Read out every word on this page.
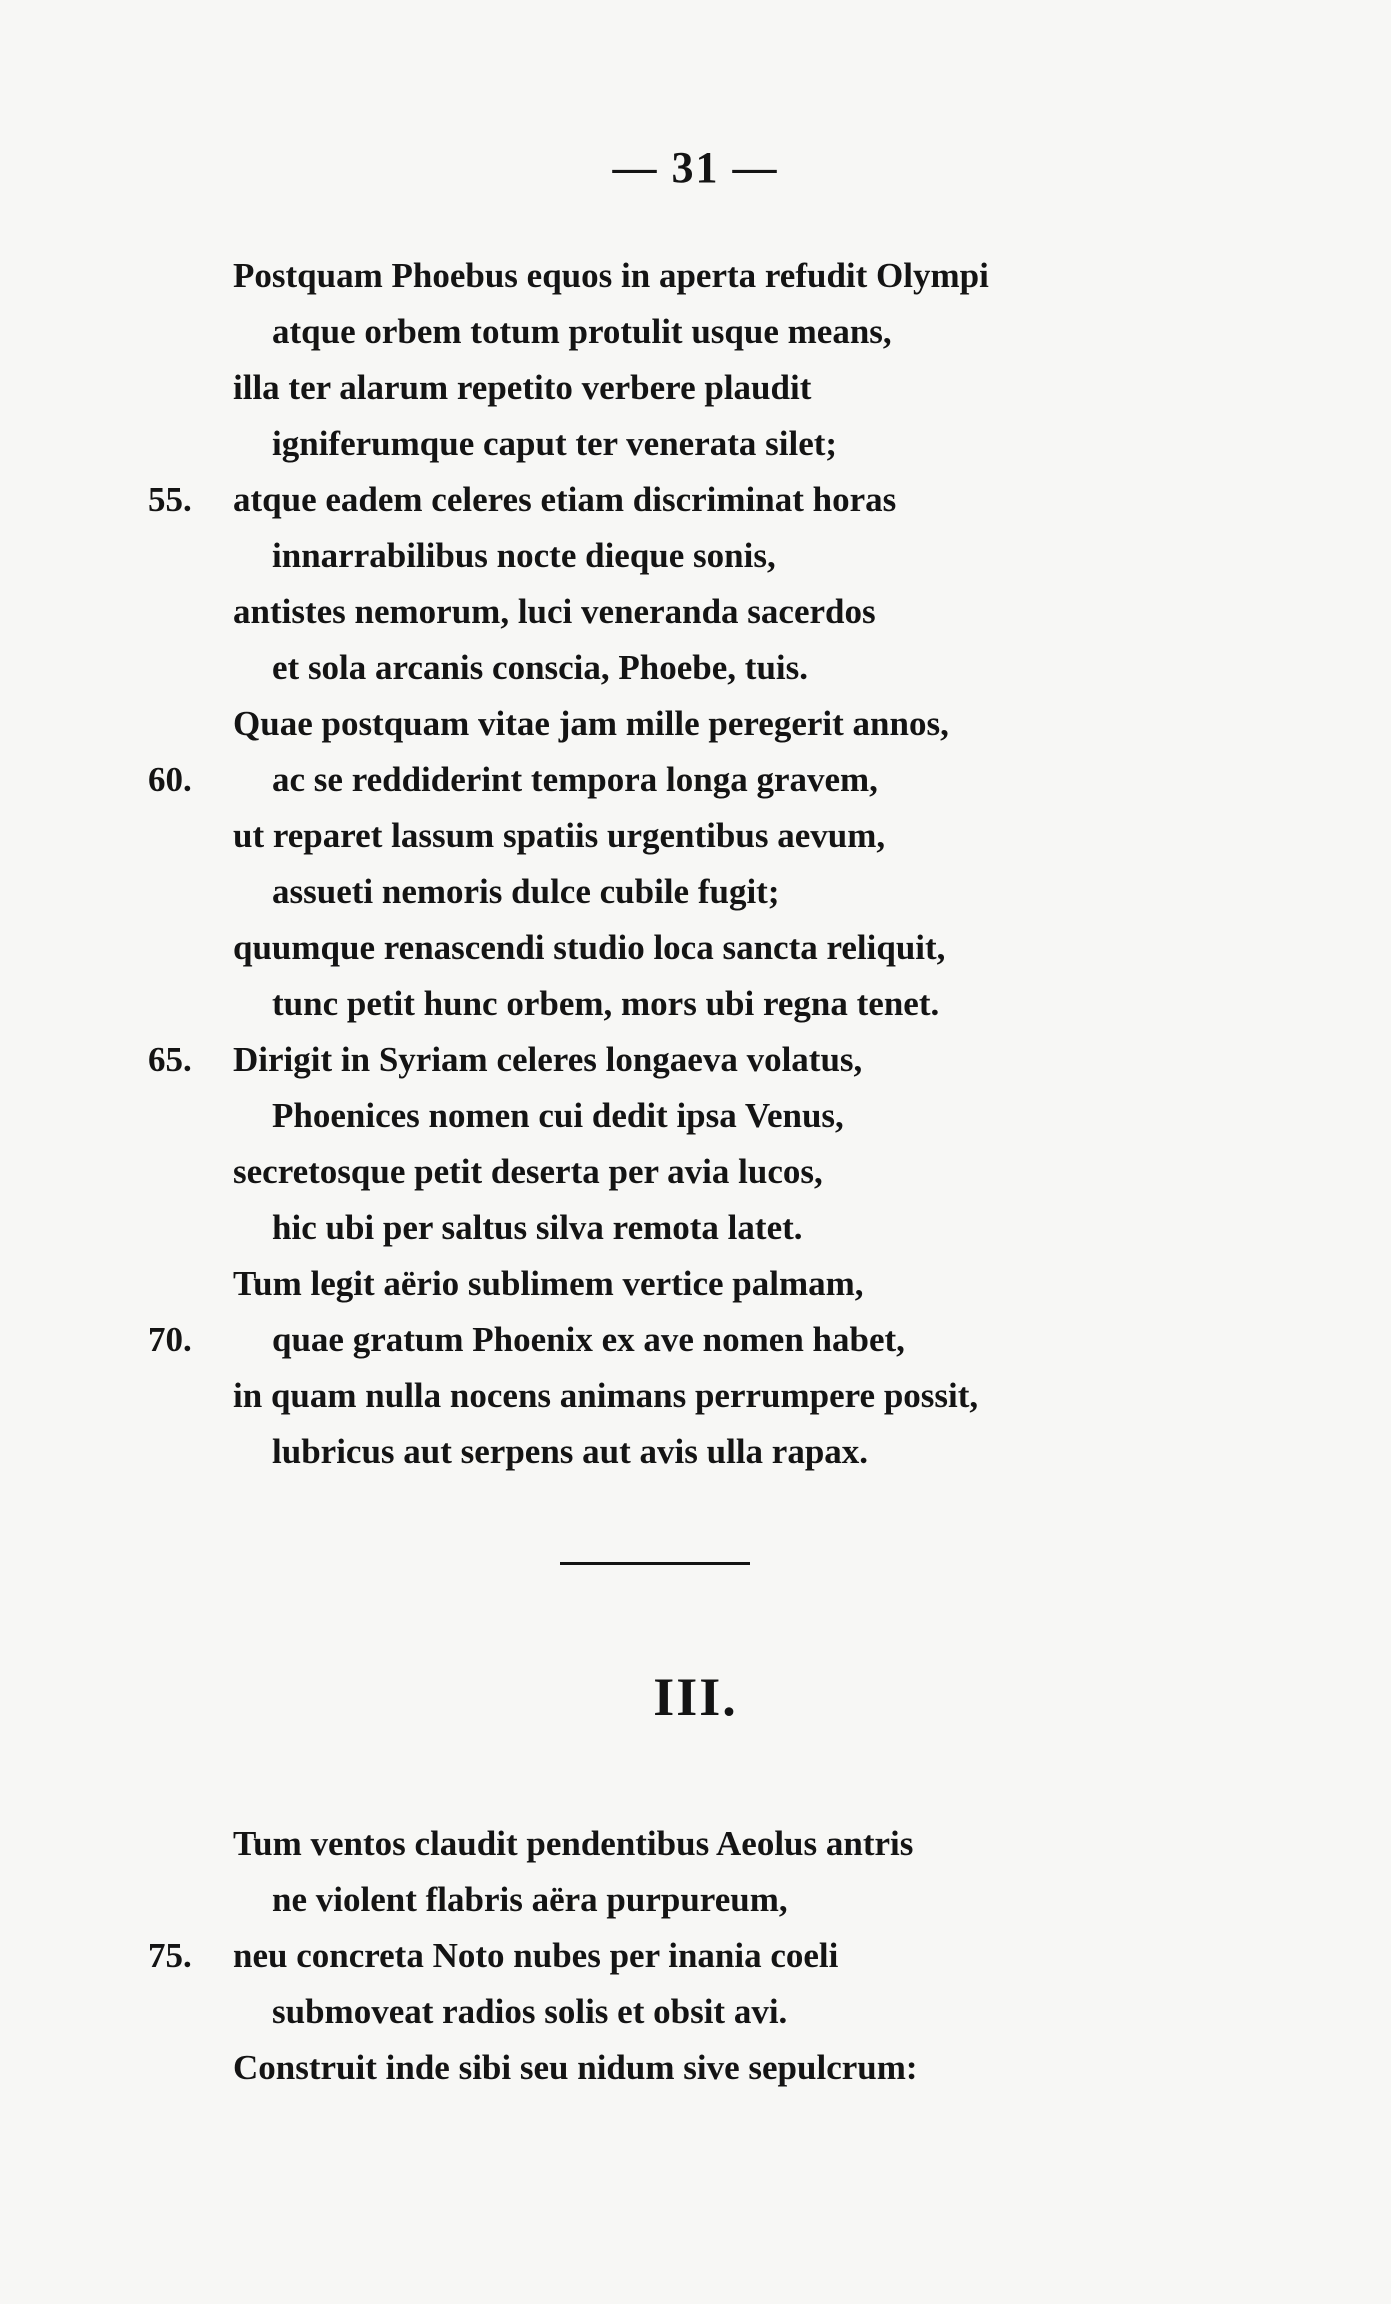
— 31 —
Postquam Phoebus equos in aperta refudit Olympi
atque orbem totum protulit usque means,
illa ter alarum repetito verbere plaudit
igniferumque caput ter venerata silet;
55. atque eadem celeres etiam discriminat horas
innarrabilibus nocte dieque sonis,
antistes nemorum, luci veneranda sacerdos
et sola arcanis conscia, Phoebe, tuis.
Quae postquam vitae jam mille peregerit annos,
60. ac se reddiderint tempora longa gravem,
ut reparet lassum spatiis urgentibus aevum,
assueti nemoris dulce cubile fugit;
quumque renascendi studio loca sancta reliquit,
tunc petit hunc orbem, mors ubi regna tenet.
65. Dirigit in Syriam celeres longaeva volatus,
Phoenices nomen cui dedit ipsa Venus,
secretosque petit deserta per avia lucos,
hic ubi per saltus silva remota latet.
Tum legit aërio sublimem vertice palmam,
70. quae gratum Phoenix ex ave nomen habet,
in quam nulla nocens animans perrumpere possit,
lubricus aut serpens aut avis ulla rapax.
III.
Tum ventos claudit pendentibus Aeolus antris
ne violent flabris aëra purpureum,
75. neu concreta Noto nubes per inania coeli
submoveat radios solis et obsit avi.
Construit inde sibi seu nidum sive sepulcrum:
